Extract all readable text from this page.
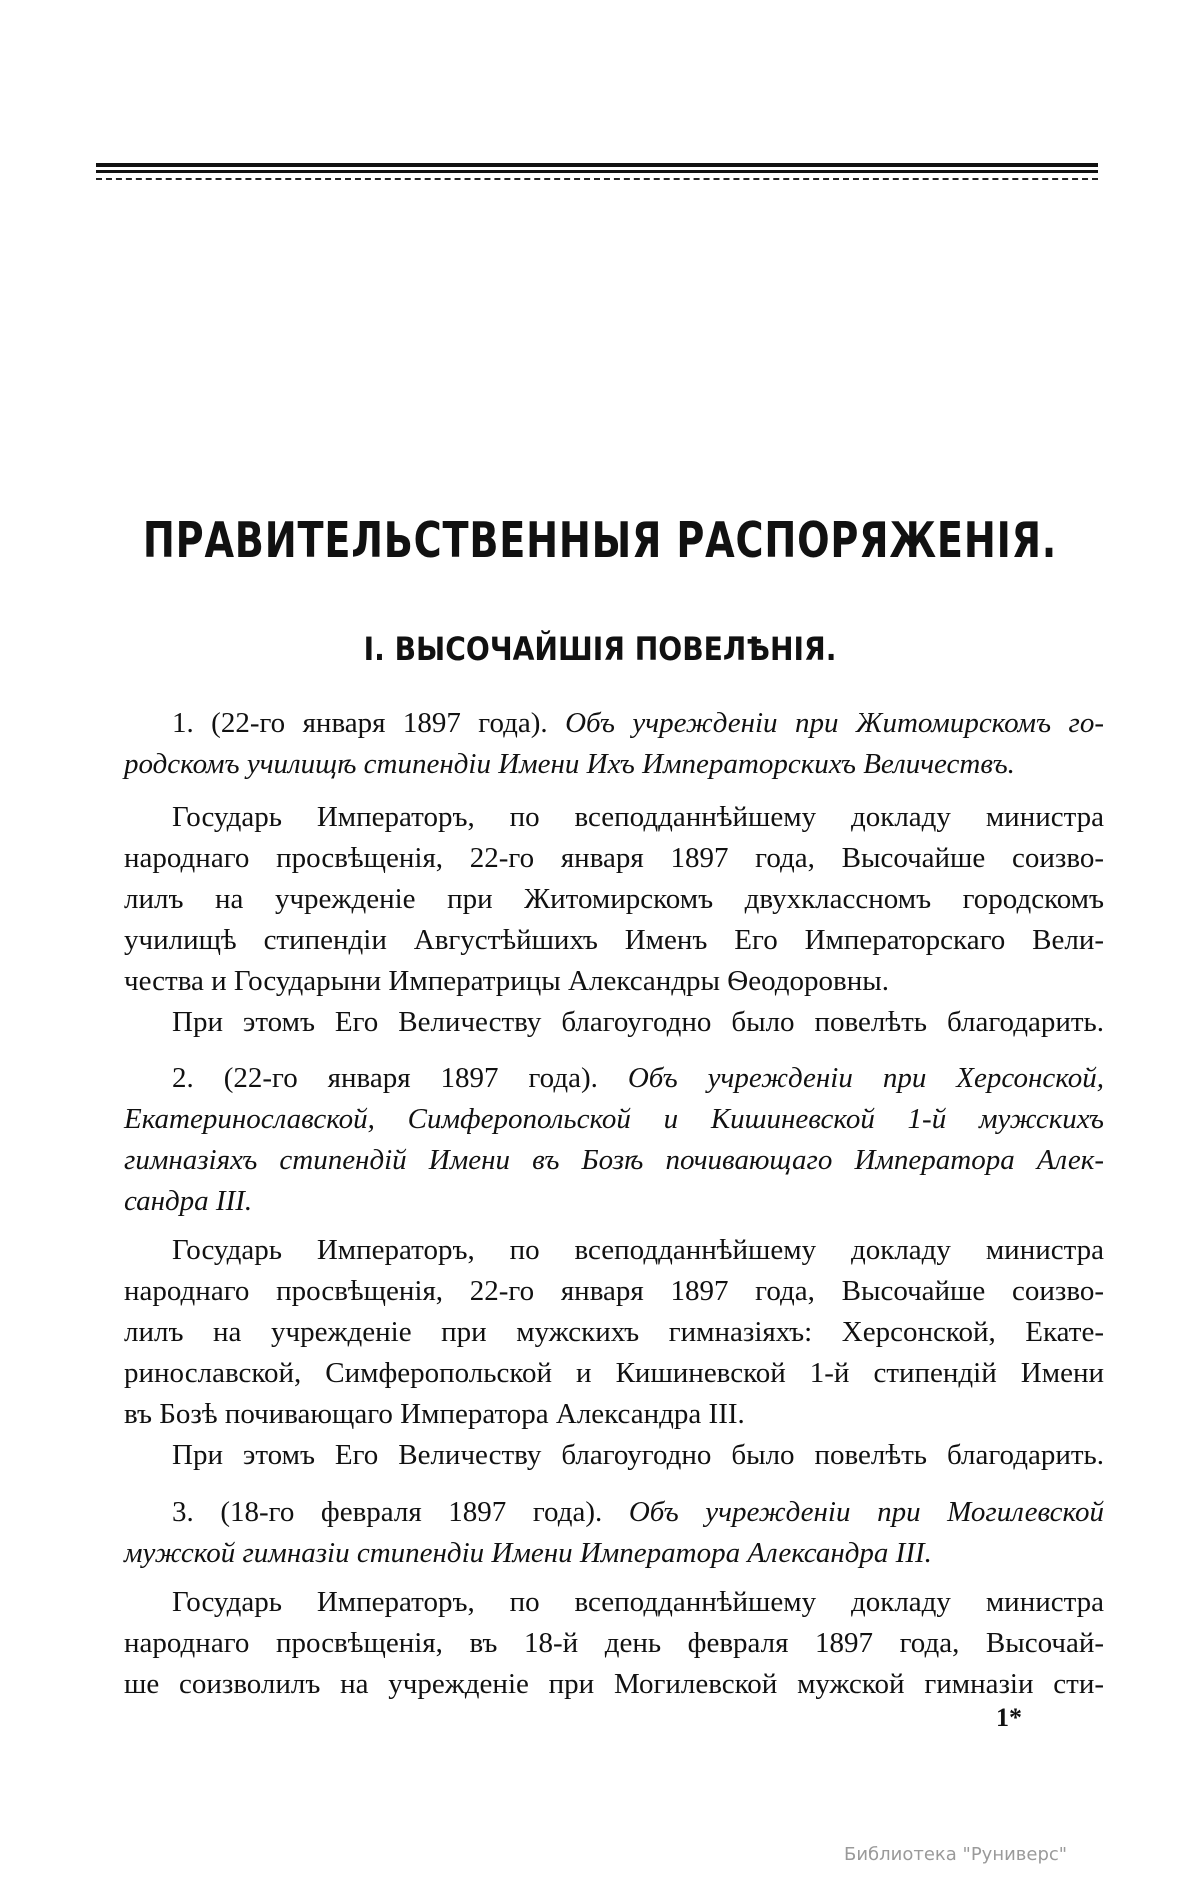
ПРАВИТЕЛЬСТВЕННЫЯ РАСПОРЯЖЕНІЯ.
I. ВЫСОЧАЙШІЯ ПОВЕЛѢНІЯ.
1. (22-го января 1897 года). Объ учрежденіи при Житомирскомъ го-
родскомъ училищѣ стипендіи Имени Ихъ Императорскихъ Величествъ.
Государь Императоръ, по всеподданнѣйшему докладу министра
народнаго просвѣщенія, 22-го января 1897 года, Высочайше соизво-
лилъ на учрежденіе при Житомирскомъ двухклассномъ городскомъ
училищѣ стипендіи Августѣйшихъ Именъ Его Императорскаго Вели-
чества и Государыни Императрицы Александры Ѳеодоровны.
При этомъ Его Величеству благоугодно было повелѣть благодарить.
2. (22-го января 1897 года). Объ учрежденіи при Херсонской,
Екатеринославской, Симферопольской и Кишиневской 1-й мужскихъ
гимназіяхъ стипендій Имени въ Бозѣ почивающаго Императора Алек-
сандра III.
Государь Императоръ, по всеподданнѣйшему докладу министра
народнаго просвѣщенія, 22-го января 1897 года, Высочайше соизво-
лилъ на учрежденіе при мужскихъ гимназіяхъ: Херсонской, Екате-
ринославской, Симферопольской и Кишиневской 1-й стипендій Имени
въ Бозѣ почивающаго Императора Александра III.
При этомъ Его Величеству благоугодно было повелѣть благодарить.
3. (18-го февраля 1897 года). Объ учрежденіи при Могилевской
мужской гимназіи стипендіи Имени Императора Александра III.
Государь Императоръ, по всеподданнѣйшему докладу министра
народнаго просвѣщенія, въ 18-й день февраля 1897 года, Высочай-
ше соизволилъ на учрежденіе при Могилевской мужской гимназіи сти-
1*
Библиотека "Руниверс"
